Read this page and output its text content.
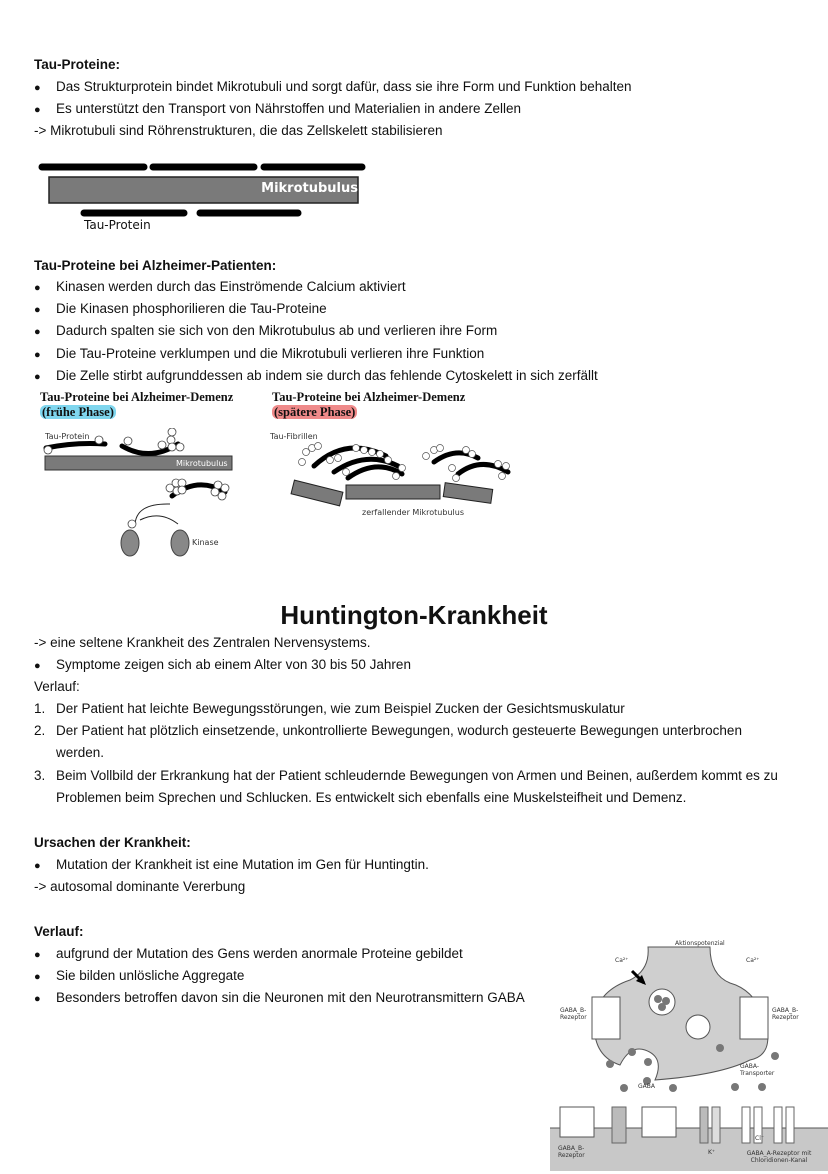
Tau-Proteine:
● Das Strukturprotein bindet Mikrotubuli und sorgt dafür, dass sie ihre Form und Funktion behalten
● Es unterstützt den Transport von Nährstoffen und Materialien in andere Zellen
-> Mikrotubuli sind Röhrenstrukturen, die das Zellskelett stabilisieren
Mikrotubulus
Tau-Protein
Tau-Proteine bei Alzheimer-Patienten:
● Kinasen werden durch das Einströmende Calcium aktiviert
● Die Kinasen phosphorilieren die Tau-Proteine
● Dadurch spalten sie sich von den Mikrotubulus ab und verlieren ihre Form
● Die Tau-Proteine verklumpen und die Mikrotubuli verlieren ihre Funktion
● Die Zelle stirbt aufgrunddessen ab indem sie durch das fehlende Cytoskelett in sich zerfällt
Tau-Proteine bei Alzheimer-Demenz
(frühe Phase)
Tau-Protein
Mikrotubulus
Kinase
Tau-Proteine bei Alzheimer-Demenz
(spätere Phase)
Tau-Fibrillen
zerfallender Mikrotubulus
Huntington-Krankheit
-> eine seltene Krankheit des Zentralen Nervensystems.
● Symptome zeigen sich ab einem Alter von 30 bis 50 Jahren
Verlauf:
1. Der Patient hat leichte Bewegungsstörungen, wie zum Beispiel Zucken der Gesichtsmuskulatur
2. Der Patient hat plötzlich einsetzende, unkontrollierte Bewegungen, wodurch gesteuerte Bewegungen unterbrochen
werden.
3. Beim Vollbild der Erkrankung hat der Patient schleudernde Bewegungen von Armen und Beinen, außerdem kommt es zu
Problemen beim Sprechen und Schlucken. Es entwickelt sich ebenfalls eine Muskelsteifheit und Demenz.
Ursachen der Krankheit:
● Mutation der Krankheit ist eine Mutation im Gen für Huntingtin.
-> autosomal dominante Vererbung
Verlauf:
● aufgrund der Mutation des Gens werden anormale Proteine gebildet
● Sie bilden unlösliche Aggregate
● Besonders betroffen davon sin die Neuronen mit den Neurotransmittern GABA
Aktionspotenzial
Ca²⁺	Ca²⁺
GABA_B-Rezeptor
GABA_B-Rezeptor
GABA-Transporter
GABA
GABA_B-Rezeptor	K⁺
Cl⁻
GABA_A-Rezeptor mit Chloridionen-Kanal
